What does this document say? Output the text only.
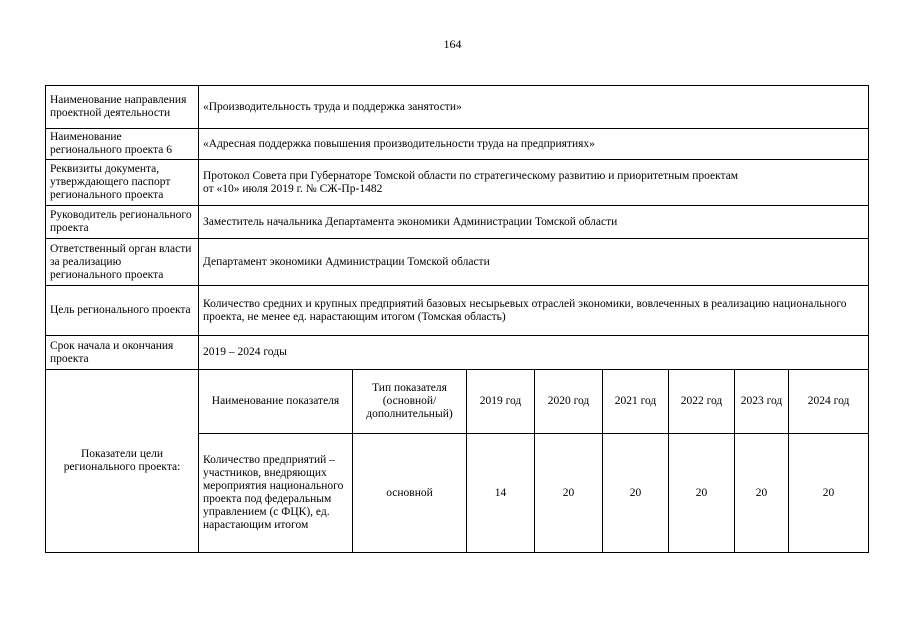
164
Наименование направления проектной деятельности	«Производительность труда и поддержка занятости»							
Наименование регионального проекта 6	«Адресная поддержка повышения производительности труда на предприятиях»							
Реквизиты документа, утверждающего паспорт регионального проекта	Протокол Совета при Губернаторе Томской области по стратегическому развитию и приоритетным проектам
от «10» июля 2019 г. № СЖ-Пр-1482							

Руководитель регионального проекта	Заместитель начальника Департамента экономики Администрации Томской области							
Ответственный орган власти за реализацию регионального проекта	Департамент экономики Администрации Томской области							
Цель регионального проекта	Количество средних и крупных предприятий базовых несырьевых отраслей экономики, вовлеченных в реализацию национального проекта, не менее ед. нарастающим итогом (Томская область)							
Срок начала и окончания проекта	2019 – 2024 годы							
Показатели цели регионального проекта:	Наименование показателя	Тип показателя (основной/ дополнительный)	2019 год	2020 год	2021 год	2022 год	2023 год	2024 год
	Количество предприятий – участников, внедряющих мероприятия национального проекта под федеральным управлением (с ФЦК), ед. нарастающим итогом	основной	14	20	20	20	20	20
